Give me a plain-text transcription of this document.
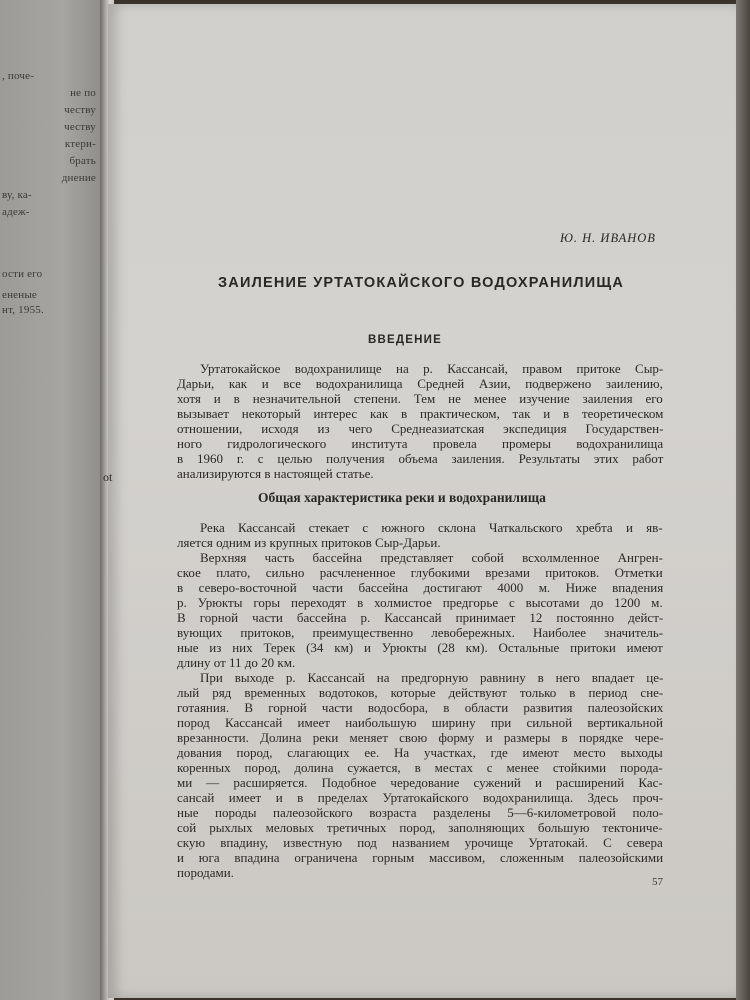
, поче-
не по
честву
честву
ктери-
брать
днение
ву, ка-
адеж-
ости его
ененые
нт, 1955.
ot
Ю. Н. ИВАНОВ
ЗАИЛЕНИЕ УРТАТОКАЙСКОГО ВОДОХРАНИЛИЩА
ВВЕДЕНИЕ
Уртатокайское водохранилище на р. Кассансай, правом притоке Сыр-
Дарьи, как и все водохранилища Средней Азии, подвержено заилению,
хотя и в незначительной степени. Тем не менее изучение заиления его
вызывает некоторый интерес как в практическом, так и в теоретическом
отношении, исходя из чего Среднеазиатская экспедиция Государствен-
ного гидрологического института провела промеры водохранилища
в 1960 г. с целью получения объема заиления. Результаты этих работ
анализируются в настоящей статье.
Общая характеристика реки и водохранилища
Река Кассансай стекает с южного склона Чаткальского хребта и яв-
ляется одним из крупных притоков Сыр-Дарьи.
Верхняя часть бассейна представляет собой всхолмленное Ангрен-
ское плато, сильно расчлененное глубокими врезами притоков. Отметки
в северо-восточной части бассейна достигают 4000 м. Ниже впадения
р. Урюкты горы переходят в холмистое предгорье с высотами до 1200 м.
В горной части бассейна р. Кассансай принимает 12 постоянно дейст-
вующих притоков, преимущественно левобережных. Наиболее значитель-
ные из них Терек (34 км) и Урюкты (28 км). Остальные притоки имеют
длину от 11 до 20 км.
При выходе р. Кассансай на предгорную равнину в него впадает це-
лый ряд временных водотоков, которые действуют только в период сне-
готаяния. В горной части водосбора, в области развития палеозойских
пород Кассансай имеет наибольшую ширину при сильной вертикальной
врезанности. Долина реки меняет свою форму и размеры в порядке чере-
дования пород, слагающих ее. На участках, где имеют место выходы
коренных пород, долина сужается, в местах с менее стойкими порода-
ми — расширяется. Подобное чередование сужений и расширений Кас-
сансай имеет и в пределах Уртатокайского водохранилища. Здесь проч-
ные породы палеозойского возраста разделены 5—6-километровой поло-
сой рыхлых меловых третичных пород, заполняющих большую тектониче-
скую впадину, известную под названием урочище Уртатокай. С севера
и юга впадина ограничена горным массивом, сложенным палеозойскими
породами.
57
